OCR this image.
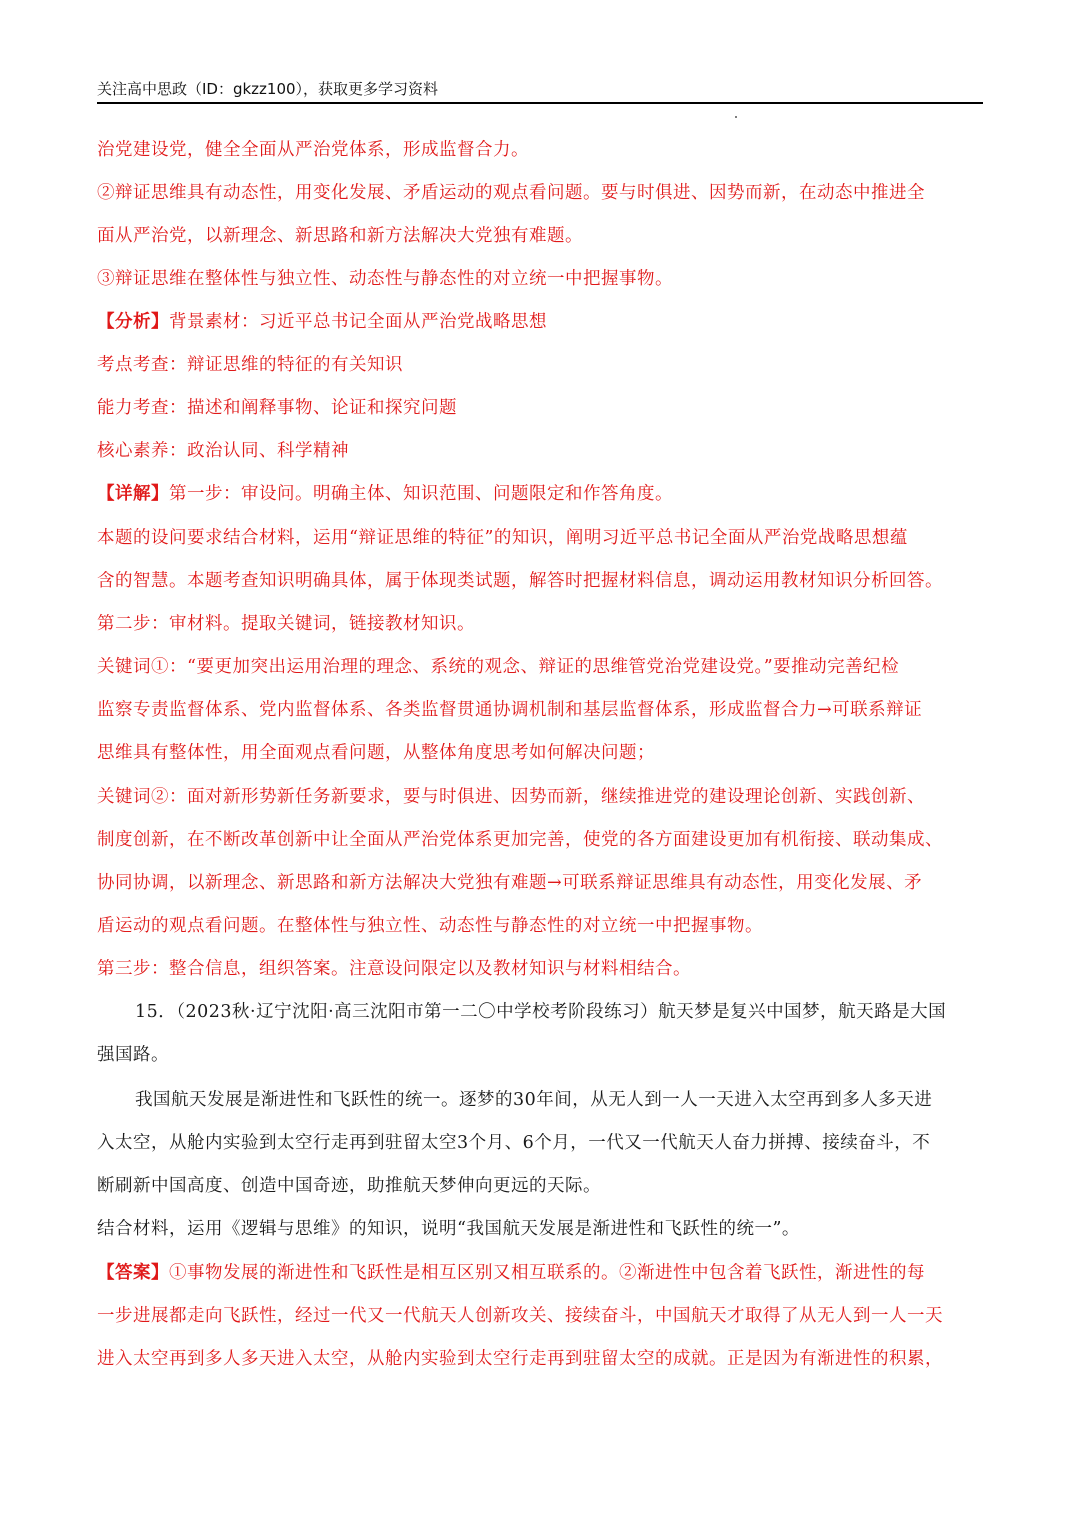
关注高中思政（ID：gkzz100），获取更多学习资料
治党建设党，健全全面从严治党体系，形成监督合力。
②辩证思维具有动态性，用变化发展、矛盾运动的观点看问题。要与时俱进、因势而新，在动态中推进全
面从严治党，以新理念、新思路和新方法解决大党独有难题。
③辩证思维在整体性与独立性、动态性与静态性的对立统一中把握事物。
【分析】背景素材：习近平总书记全面从严治党战略思想
考点考查：辩证思维的特征的有关知识
能力考查：描述和阐释事物、论证和探究问题
核心素养：政治认同、科学精神
【详解】第一步：审设问。明确主体、知识范围、问题限定和作答角度。
本题的设问要求结合材料，运用“辩证思维的特征”的知识，阐明习近平总书记全面从严治党战略思想蕴
含的智慧。本题考查知识明确具体，属于体现类试题，解答时把握材料信息，调动运用教材知识分析回答。
第二步：审材料。提取关键词，链接教材知识。
关键词①：“要更加突出运用治理的理念、系统的观念、辩证的思维管党治党建设党。”要推动完善纪检
监察专责监督体系、党内监督体系、各类监督贯通协调机制和基层监督体系，形成监督合力→可联系辩证
思维具有整体性，用全面观点看问题，从整体角度思考如何解决问题；
关键词②：面对新形势新任务新要求，要与时俱进、因势而新，继续推进党的建设理论创新、实践创新、
制度创新，在不断改革创新中让全面从严治党体系更加完善，使党的各方面建设更加有机衔接、联动集成、
协同协调，以新理念、新思路和新方法解决大党独有难题→可联系辩证思维具有动态性，用变化发展、矛
盾运动的观点看问题。在整体性与独立性、动态性与静态性的对立统一中把握事物。
第三步：整合信息，组织答案。注意设问限定以及教材知识与材料相结合。
15．（2023秋·辽宁沈阳·高三沈阳市第一二〇中学校考阶段练习）航天梦是复兴中国梦，航天路是大国
强国路。
我国航天发展是渐进性和飞跃性的统一。逐梦的30年间，从无人到一人一天进入太空再到多人多天进
入太空，从舱内实验到太空行走再到驻留太空3个月、6个月，一代又一代航天人奋力拼搏、接续奋斗，不
断刷新中国高度、创造中国奇迹，助推航天梦伸向更远的天际。
结合材料，运用《逻辑与思维》的知识，说明“我国航天发展是渐进性和飞跃性的统一”。
【答案】①事物发展的渐进性和飞跃性是相互区别又相互联系的。②渐进性中包含着飞跃性，渐进性的每
一步进展都走向飞跃性，经过一代又一代航天人创新攻关、接续奋斗，中国航天才取得了从无人到一人一天
进入太空再到多人多天进入太空，从舱内实验到太空行走再到驻留太空的成就。正是因为有渐进性的积累，
